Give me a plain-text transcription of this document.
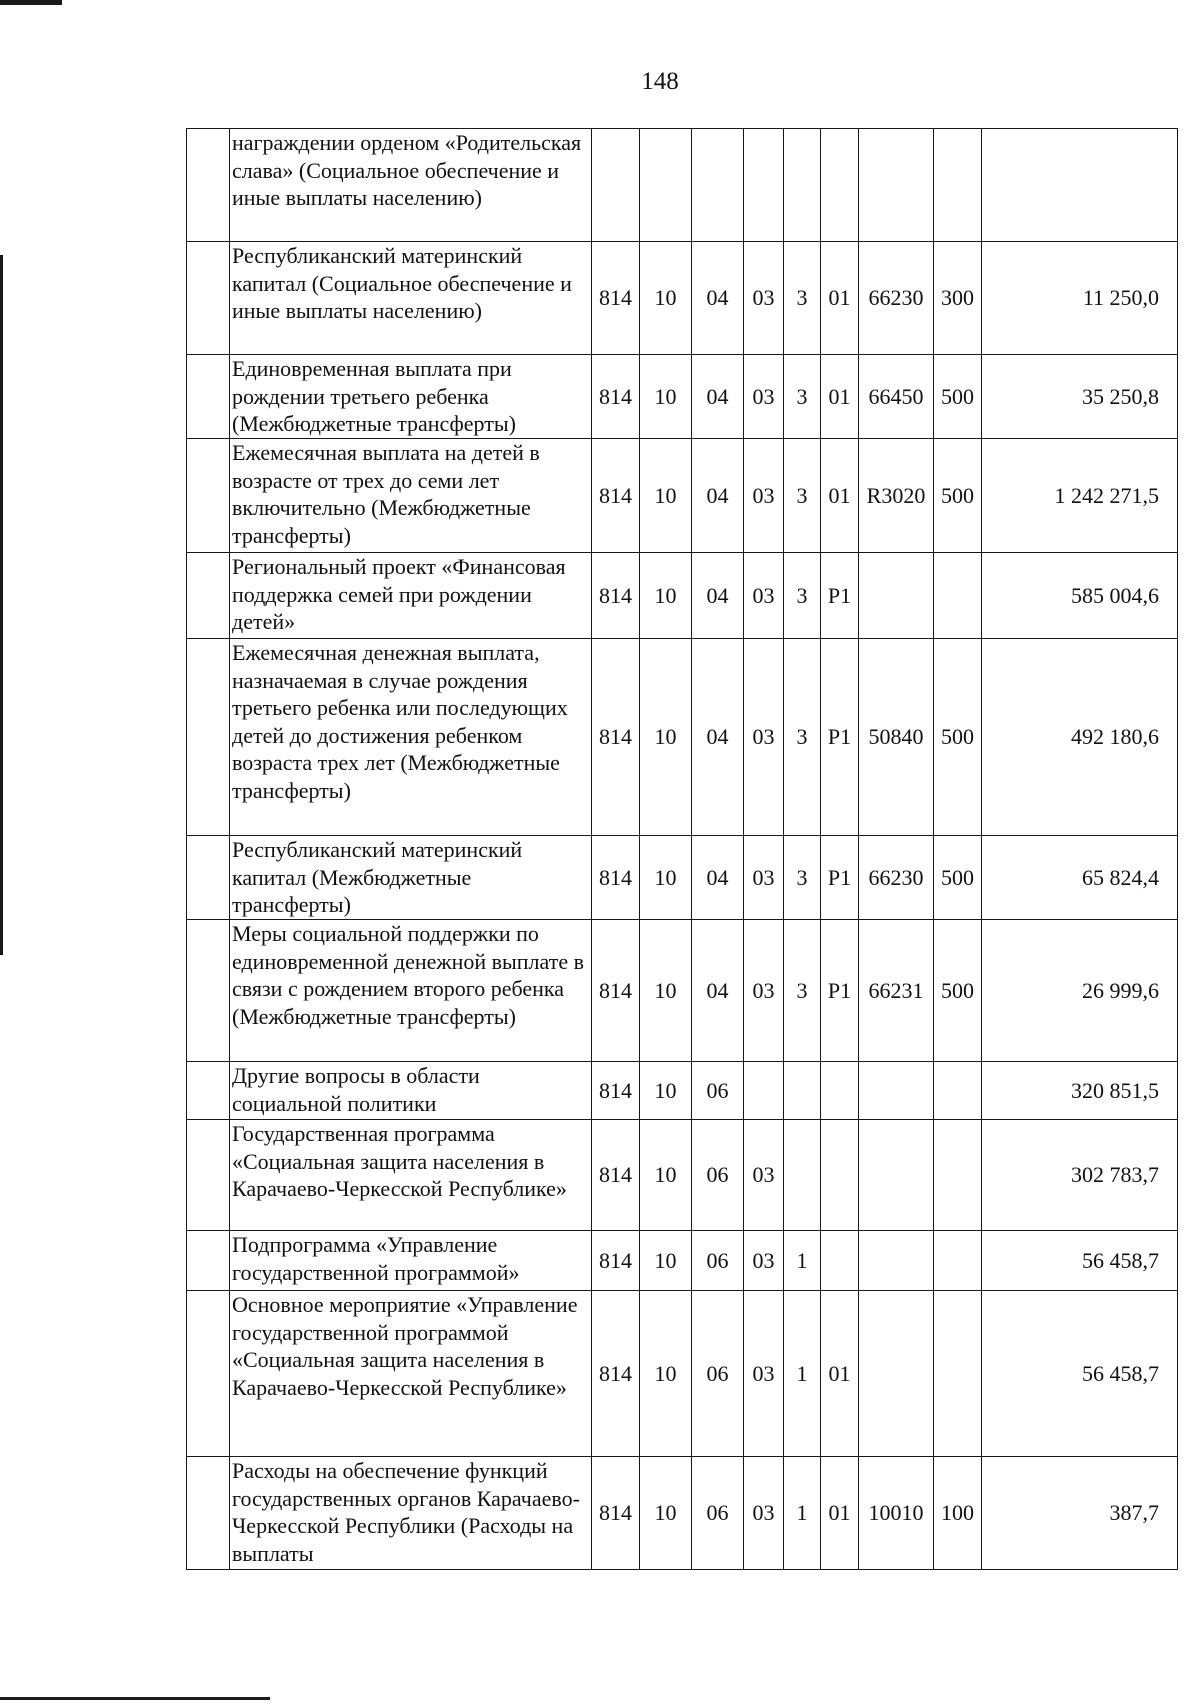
148
	награждении орденом «Родительская слава» (Социальное обеспечение и иные выплаты населению)									
	Республиканский материнский капитал (Социальное обеспечение и иные выплаты населению)	814	10	04	03	3	01	66230	300	11 250,0
	Единовременная выплата при рождении третьего ребенка (Межбюджетные трансферты)	814	10	04	03	3	01	66450	500	35 250,8
	Ежемесячная выплата на детей в возрасте от трех до семи лет включительно (Межбюджетные трансферты)	814	10	04	03	3	01	R3020	500	1 242 271,5
	Региональный проект «Финансовая поддержка семей при рождении детей»	814	10	04	03	3	P1			585 004,6
	Ежемесячная денежная выплата, назначаемая в случае рождения третьего ребенка или последующих детей до достижения ребенком возраста трех лет (Межбюджетные трансферты)	814	10	04	03	3	P1	50840	500	492 180,6
	Республиканский материнский капитал (Межбюджетные трансферты)	814	10	04	03	3	P1	66230	500	65 824,4
	Меры социальной поддержки по единовременной денежной выплате в связи с рождением второго ребенка (Межбюджетные трансферты)	814	10	04	03	3	P1	66231	500	26 999,6
	Другие вопросы в области социальной политики	814	10	06						320 851,5
	Государственная программа «Социальная защита населения в Карачаево-Черкесской Республике»	814	10	06	03					302 783,7
	Подпрограмма «Управление государственной программой»	814	10	06	03	1				56 458,7
	Основное мероприятие «Управление государственной программой «Социальная защита населения в Карачаево-Черкесской Республике»	814	10	06	03	1	01			56 458,7
	Расходы на обеспечение функций государственных органов Карачаево-Черкесской Республики (Расходы на выплаты	814	10	06	03	1	01	10010	100	387,7
